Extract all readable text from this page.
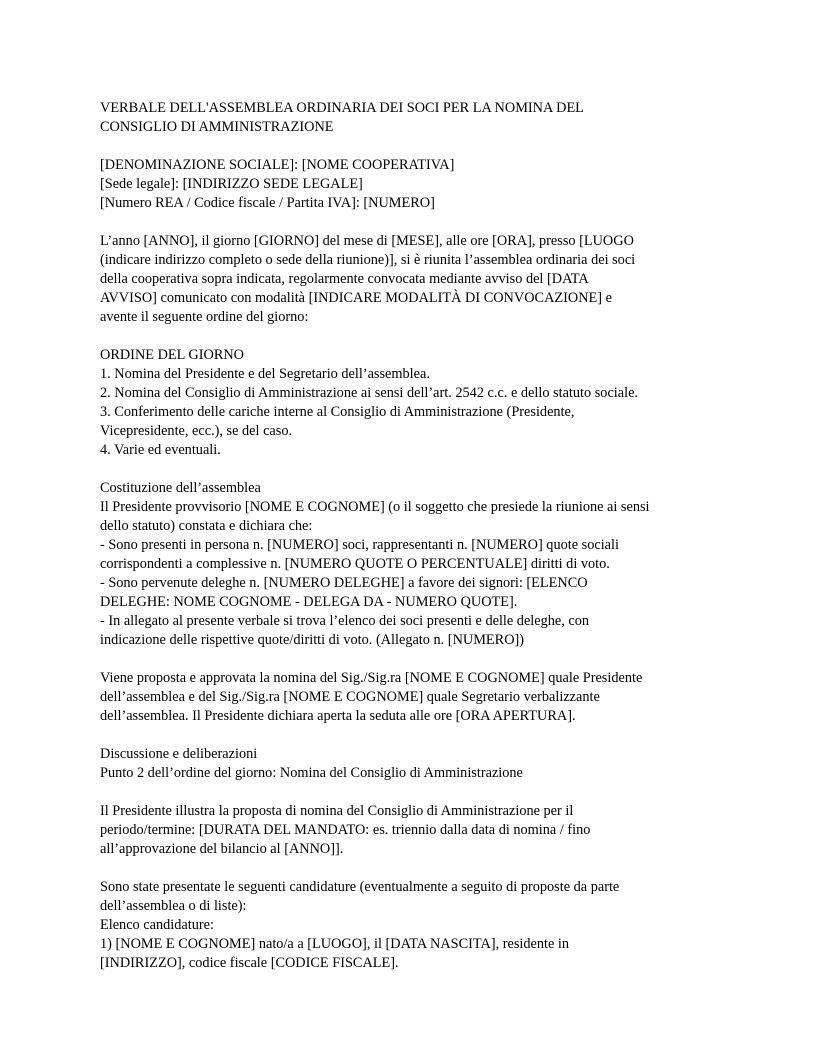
VERBALE DELL'ASSEMBLEA ORDINARIA DEI SOCI PER LA NOMINA DEL
CONSIGLIO DI AMMINISTRAZIONE
[DENOMINAZIONE SOCIALE]: [NOME COOPERATIVA]
[Sede legale]: [INDIRIZZO SEDE LEGALE]
[Numero REA / Codice fiscale / Partita IVA]: [NUMERO]
L’anno [ANNO], il giorno [GIORNO] del mese di [MESE], alle ore [ORA], presso [LUOGO
(indicare indirizzo completo o sede della riunione)], si è riunita l’assemblea ordinaria dei soci
della cooperativa sopra indicata, regolarmente convocata mediante avviso del [DATA
AVVISO] comunicato con modalità [INDICARE MODALITÀ DI CONVOCAZIONE] e
avente il seguente ordine del giorno:
ORDINE DEL GIORNO
1. Nomina del Presidente e del Segretario dell’assemblea.
2. Nomina del Consiglio di Amministrazione ai sensi dell’art. 2542 c.c. e dello statuto sociale.
3. Conferimento delle cariche interne al Consiglio di Amministrazione (Presidente,
Vicepresidente, ecc.), se del caso.
4. Varie ed eventuali.
Costituzione dell’assemblea
Il Presidente provvisorio [NOME E COGNOME] (o il soggetto che presiede la riunione ai sensi
dello statuto) constata e dichiara che:
- Sono presenti in persona n. [NUMERO] soci, rappresentanti n. [NUMERO] quote sociali
corrispondenti a complessive n. [NUMERO QUOTE O PERCENTUALE] diritti di voto.
- Sono pervenute deleghe n. [NUMERO DELEGHE] a favore dei signori: [ELENCO
DELEGHE: NOME COGNOME - DELEGA DA - NUMERO QUOTE].
- In allegato al presente verbale si trova l’elenco dei soci presenti e delle deleghe, con
indicazione delle rispettive quote/diritti di voto. (Allegato n. [NUMERO])
Viene proposta e approvata la nomina del Sig./Sig.ra [NOME E COGNOME] quale Presidente
dell’assemblea e del Sig./Sig.ra [NOME E COGNOME] quale Segretario verbalizzante
dell’assemblea. Il Presidente dichiara aperta la seduta alle ore [ORA APERTURA].
Discussione e deliberazioni
Punto 2 dell’ordine del giorno: Nomina del Consiglio di Amministrazione
Il Presidente illustra la proposta di nomina del Consiglio di Amministrazione per il
periodo/termine: [DURATA DEL MANDATO: es. triennio dalla data di nomina / fino
all’approvazione del bilancio al [ANNO]].
Sono state presentate le seguenti candidature (eventualmente a seguito di proposte da parte
dell’assemblea o di liste):
Elenco candidature:
1) [NOME E COGNOME] nato/a a [LUOGO], il [DATA NASCITA], residente in
[INDIRIZZO], codice fiscale [CODICE FISCALE].
